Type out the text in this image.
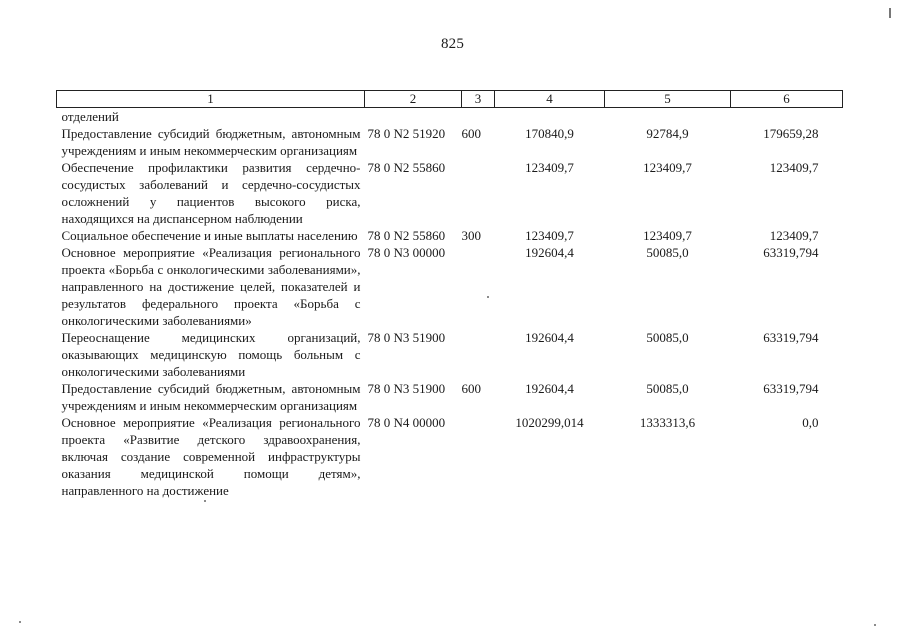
825
1	2	3	4	5	6
отделений					
Предоставление субсидий бюджетным, автономным учреждениям и иным некоммерческим организациям	78 0 N2 51920	600	170840,9	92784,9	179659,28
Обеспечение профилактики развития сердечно-сосудистых заболеваний и сердечно-сосудистых осложнений у пациентов высокого риска, находящихся на диспансерном наблюдении	78 0 N2 55860		123409,7	123409,7	123409,7
Социальное обеспечение и иные выплаты населению	78 0 N2 55860	300	123409,7	123409,7	123409,7
Основное мероприятие «Реализация регионального проекта «Борьба с онкологическими заболеваниями», направленного на достижение целей, показателей и результатов федерального проекта «Борьба с онкологическими заболеваниями»	78 0 N3 00000		192604,4	50085,0	63319,794
Переоснащение медицинских организаций, оказывающих медицинскую помощь больным с онкологическими заболеваниями	78 0 N3 51900		192604,4	50085,0	63319,794
Предоставление субсидий бюджетным, автономным учреждениям и иным некоммерческим организациям	78 0 N3 51900	600	192604,4	50085,0	63319,794
Основное мероприятие «Реализация регионального проекта «Развитие детского здравоохранения, включая создание современной инфраструктуры оказания медицинской помощи детям», направленного на достижение	78 0 N4 00000		1020299,014	1333313,6	0,0
